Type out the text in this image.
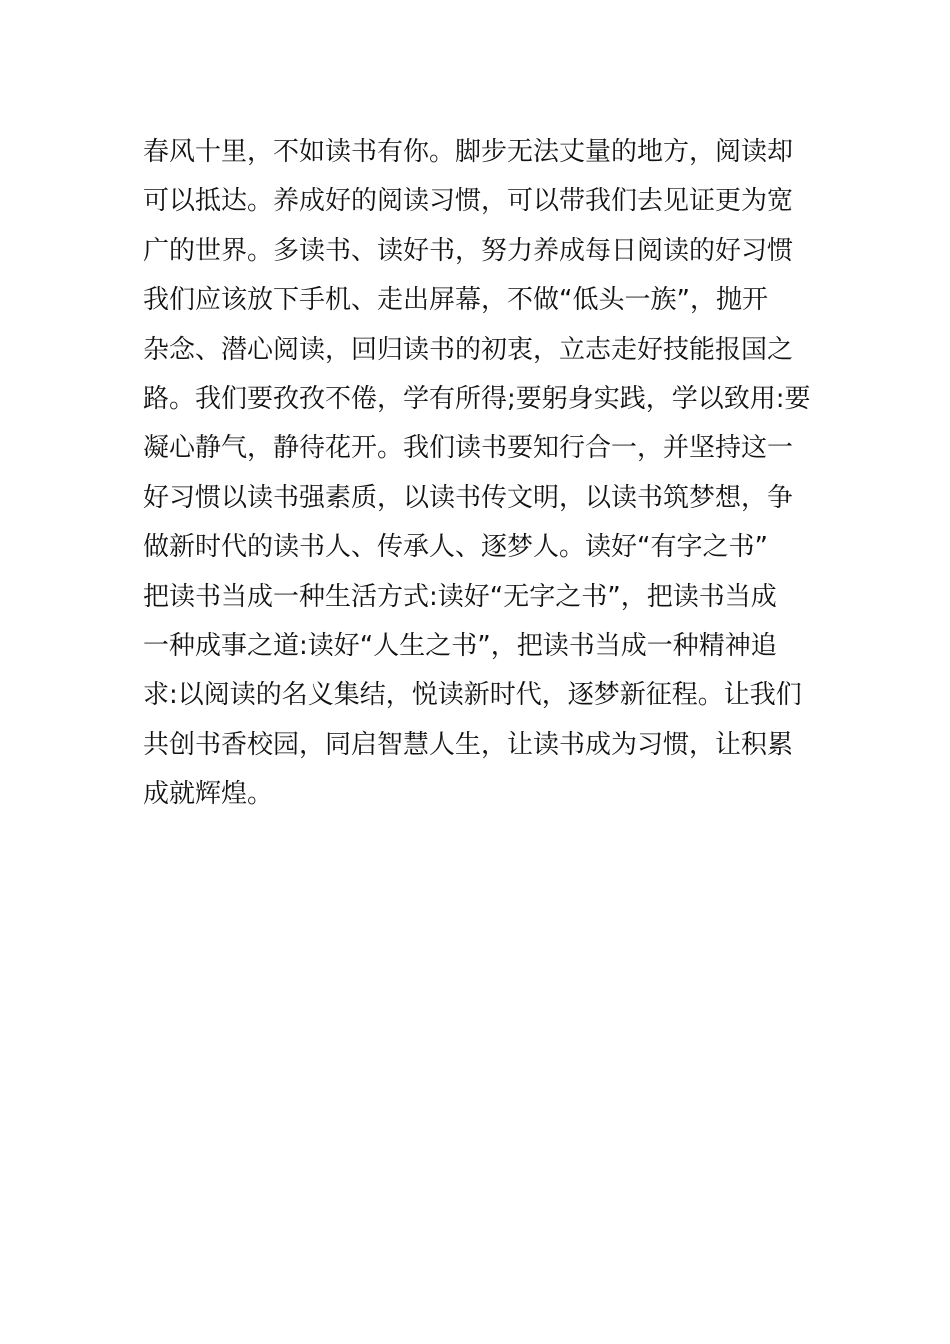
春风十里，不如读书有你。脚步无法丈量的地方，阅读却
可以抵达。养成好的阅读习惯，可以带我们去见证更为宽
广的世界。多读书、读好书，努力养成每日阅读的好习惯
我们应该放下手机、走出屏幕，不做“低头一族”，抛开
杂念、潜心阅读，回归读书的初衷，立志走好技能报国之
路。我们要孜孜不倦，学有所得;要躬身实践，学以致用:要
凝心静气，静待花开。我们读书要知行合一，并坚持这一
好习惯以读书强素质，以读书传文明，以读书筑梦想，争
做新时代的读书人、传承人、逐梦人。读好“有字之书”
把读书当成一种生活方式:读好“无字之书”，把读书当成
一种成事之道:读好“人生之书”，把读书当成一种精神追
求:以阅读的名义集结，悦读新时代，逐梦新征程。让我们
共创书香校园，同启智慧人生，让读书成为习惯，让积累
成就辉煌。
